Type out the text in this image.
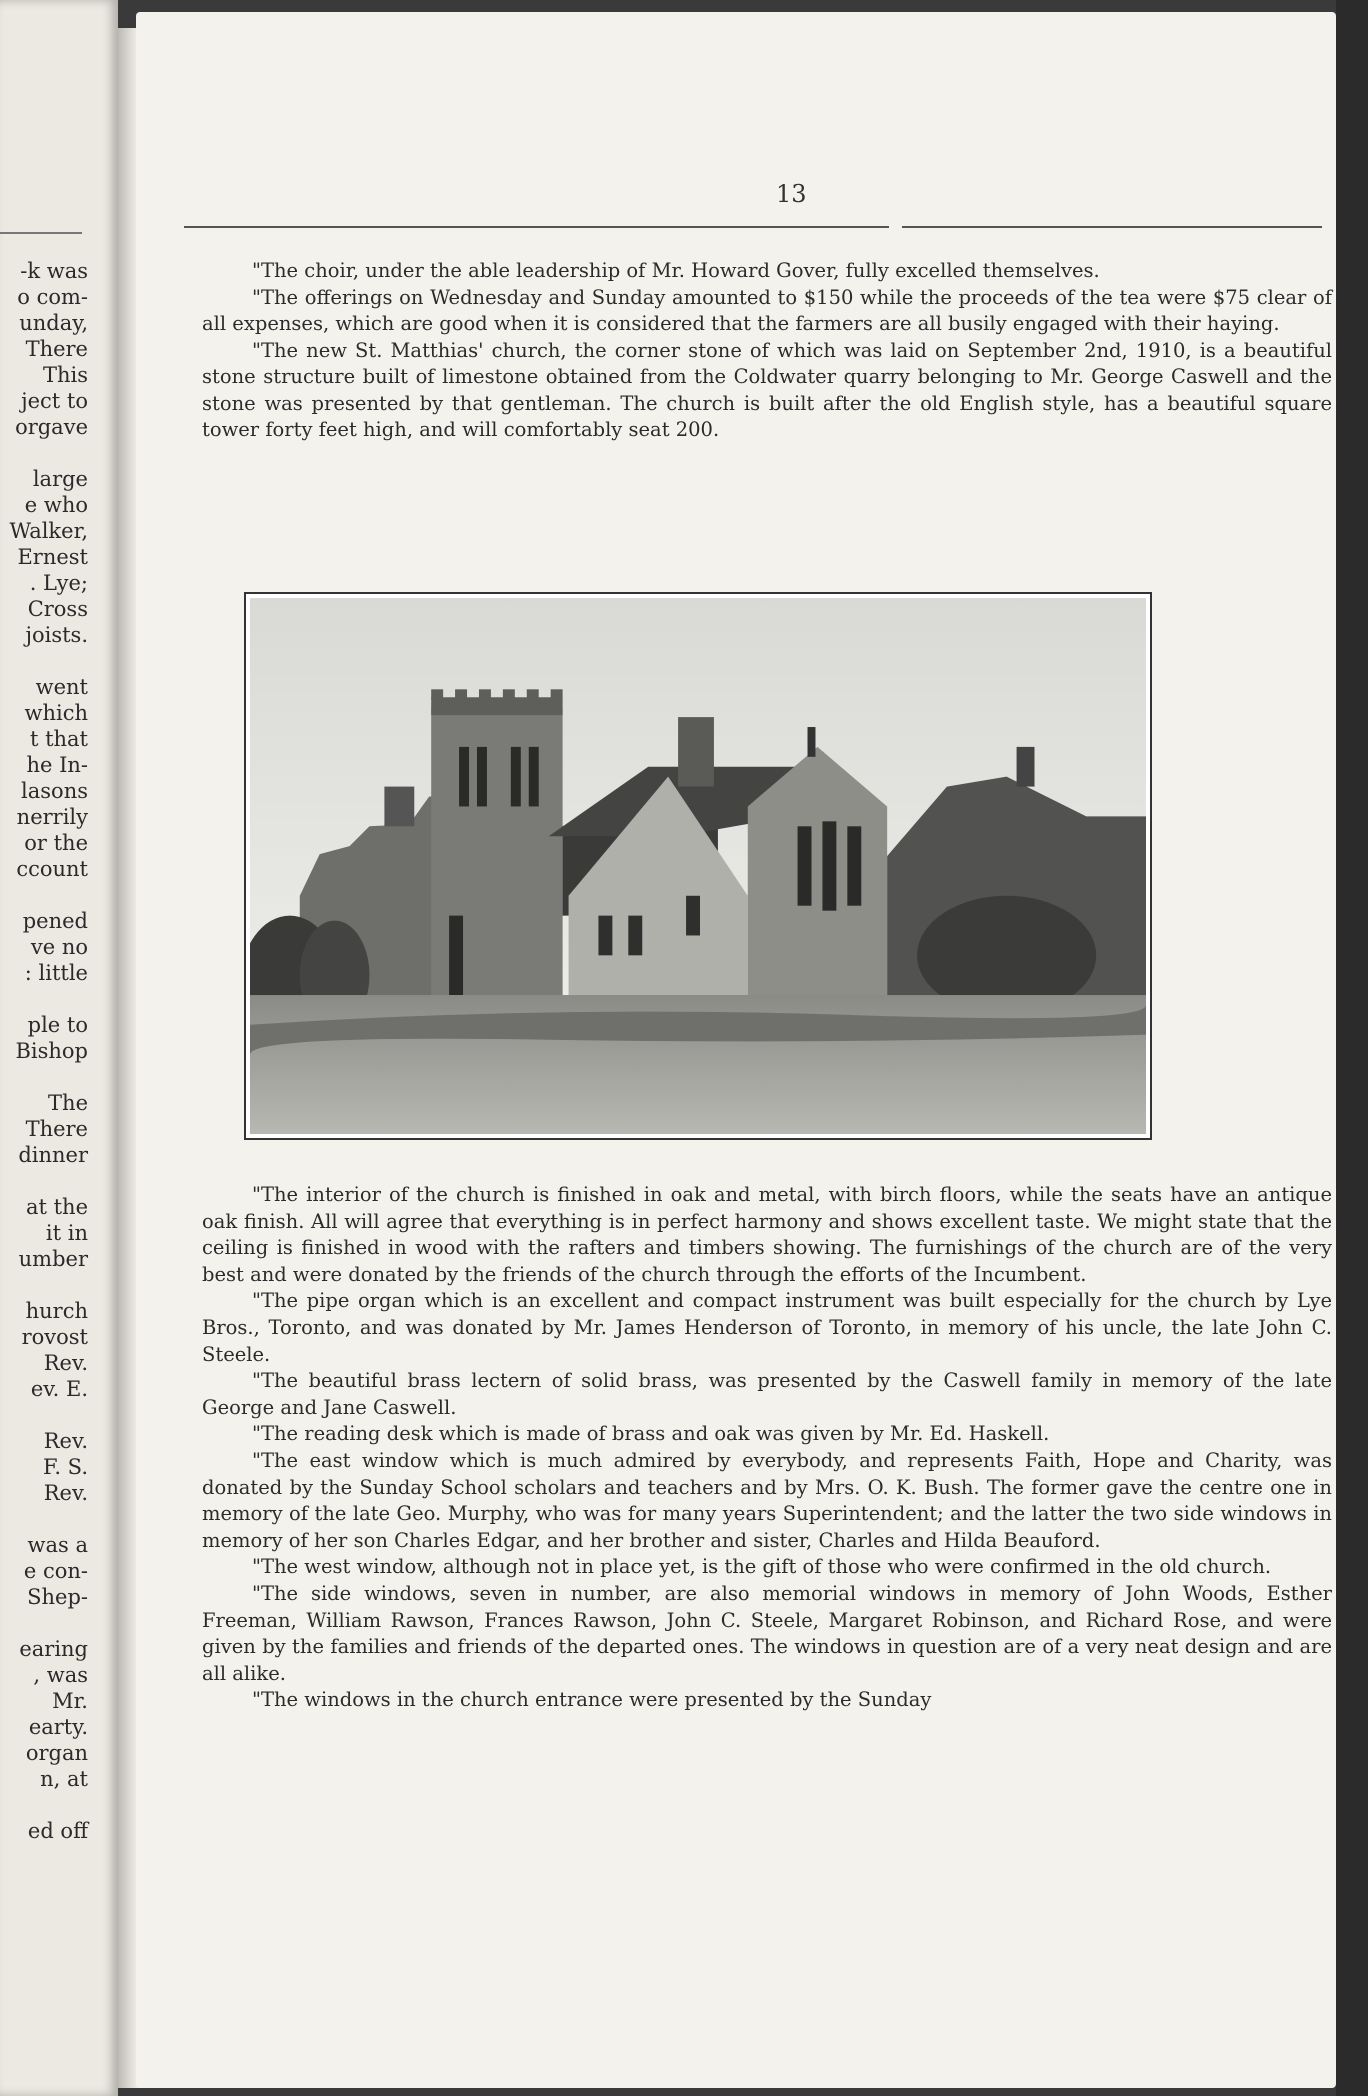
-k was
o com-
unday,
There
This
ject to
orgave
large
e who
Walker,
Ernest
. Lye;
Cross
joists.
went
which
t that
he In-
lasons
nerrily
or the
ccount
pened
ve no
: little
ple to
Bishop
The
There
dinner
at the
it in
umber
hurch
rovost
Rev.
ev. E.
Rev.
F. S.
Rev.
was a
e con-
Shep-
earing
, was
Mr.
earty.
organ
n, at
ed off
13

"The choir, under the able leadership of Mr. Howard Gover, fully excelled themselves.

"The offerings on Wednesday and Sunday amounted to $150 while the proceeds of the tea were $75 clear of all expenses, which are good when it is considered that the farmers are all busily engaged with their haying.

"The new St. Matthias' church, the corner stone of which was laid on September 2nd, 1910, is a beautiful stone structure built of limestone obtained from the Coldwater quarry belonging to Mr. George Caswell and the stone was presented by that gentleman. The church is built after the old English style, has a beautiful square tower forty feet high, and will comfortably seat 200.

"The interior of the church is finished in oak and metal, with birch floors, while the seats have an antique oak finish. All will agree that everything is in perfect harmony and shows excellent taste. We might state that the ceiling is finished in wood with the rafters and timbers showing. The furnishings of the church are of the very best and were donated by the friends of the church through the efforts of the Incumbent.

"The pipe organ which is an excellent and compact instrument was built especially for the church by Lye Bros., Toronto, and was donated by Mr. James Henderson of Toronto, in memory of his uncle, the late John C. Steele.

"The beautiful brass lectern of solid brass, was presented by the Caswell family in memory of the late George and Jane Caswell.

"The reading desk which is made of brass and oak was given by Mr. Ed. Haskell.

"The east window which is much admired by everybody, and represents Faith, Hope and Charity, was donated by the Sunday School scholars and teachers and by Mrs. O. K. Bush. The former gave the centre one in memory of the late Geo. Murphy, who was for many years Superintendent; and the latter the two side windows in memory of her son Charles Edgar, and her brother and sister, Charles and Hilda Beauford.

"The west window, although not in place yet, is the gift of those who were confirmed in the old church.

"The side windows, seven in number, are also memorial windows in memory of John Woods, Esther Freeman, William Rawson, Frances Rawson, John C. Steele, Margaret Robinson, and Richard Rose, and were given by the families and friends of the departed ones. The windows in question are of a very neat design and are all alike.

"The windows in the church entrance were presented by the Sunday
